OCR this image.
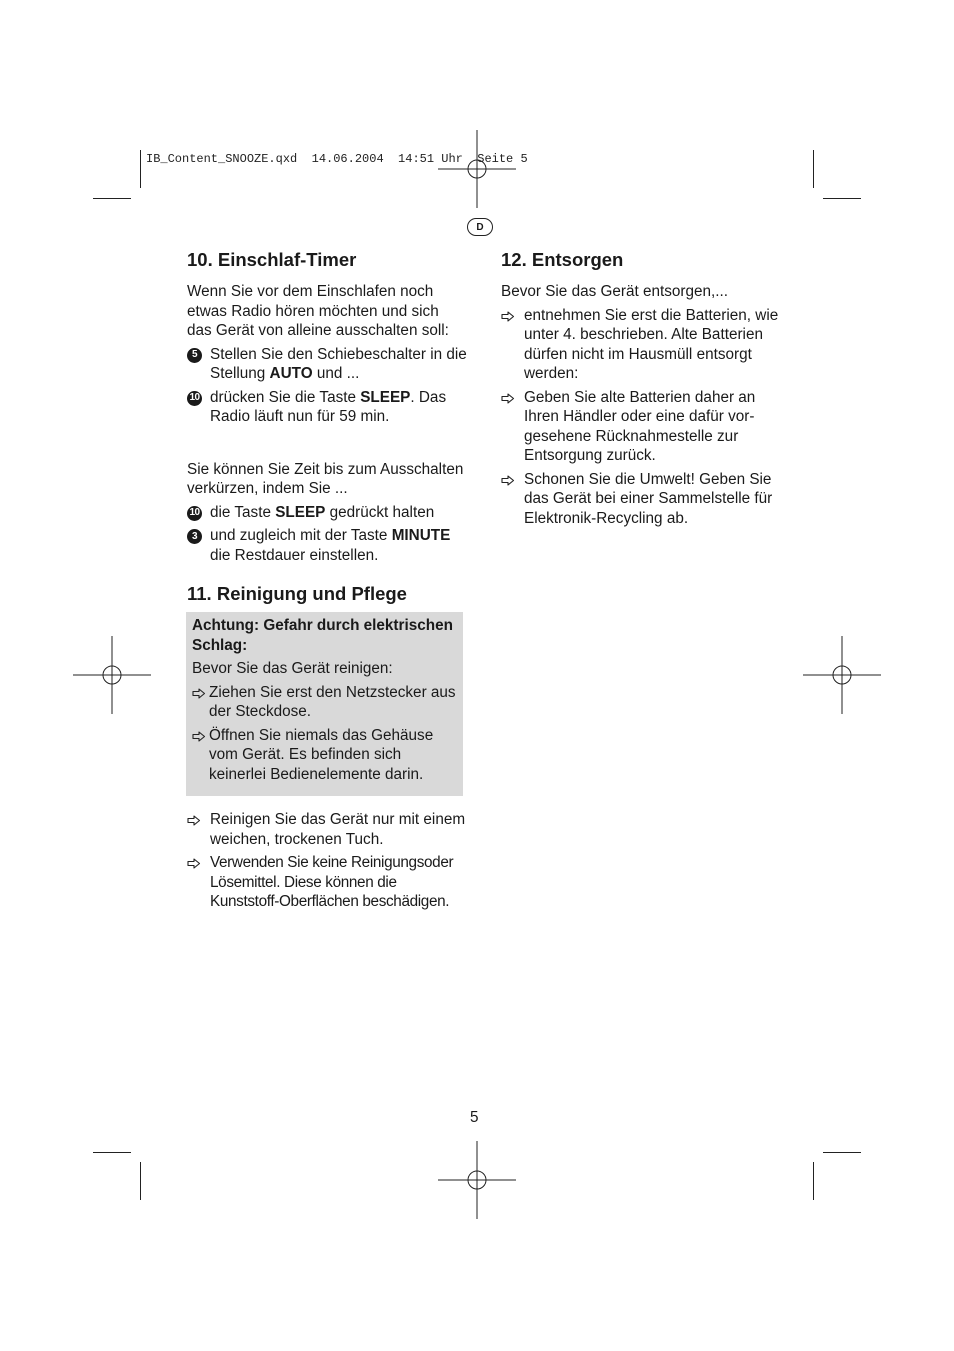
IB_Content_SNOOZE.qxd  14.06.2004  14:51 Uhr  Seite 5
D
10. Einschlaf-Timer

Wenn Sie vor dem Einschlafen noch etwas Radio hören möchten und sich das Gerät von alleine ausschalten soll:

5 Stellen Sie den Schiebeschalter in die Stellung AUTO und ...
10 drücken Sie die Taste SLEEP. Das Radio läuft nun für 59 min.

Sie können Sie Zeit bis zum Ausschalten verkürzen, indem Sie ...

10 die Taste SLEEP gedrückt halten
3 und zugleich mit der Taste MINUTE die Restdauer einstellen.
11. Reinigung und Pflege
Achtung: Gefahr durch elektrischen Schlag:

Bevor Sie das Gerät reinigen:

Ziehen Sie erst den Netzstecker aus der Steckdose.
Öffnen Sie niemals das Gehäuse vom Gerät. Es befinden sich keinerlei Bedienelemente darin.
Reinigen Sie das Gerät nur mit einem weichen, trockenen Tuch.
Verwenden Sie keine Reinigungsoder Lösemittel. Diese können die Kunststoff-Oberflächen beschädigen.
12. Entsorgen

Bevor Sie das Gerät entsorgen,...

entnehmen Sie erst die Batterien, wie unter 4. beschrieben. Alte Batterien dürfen nicht im Hausmüll entsorgt werden:
Geben Sie alte Batterien daher an Ihren Händler oder eine dafür vorgesehene Rücknahmestelle zur Entsorgung zurück.
Schonen Sie die Umwelt! Geben Sie das Gerät bei einer Sammelstelle für Elektronik-Recycling ab.
5
